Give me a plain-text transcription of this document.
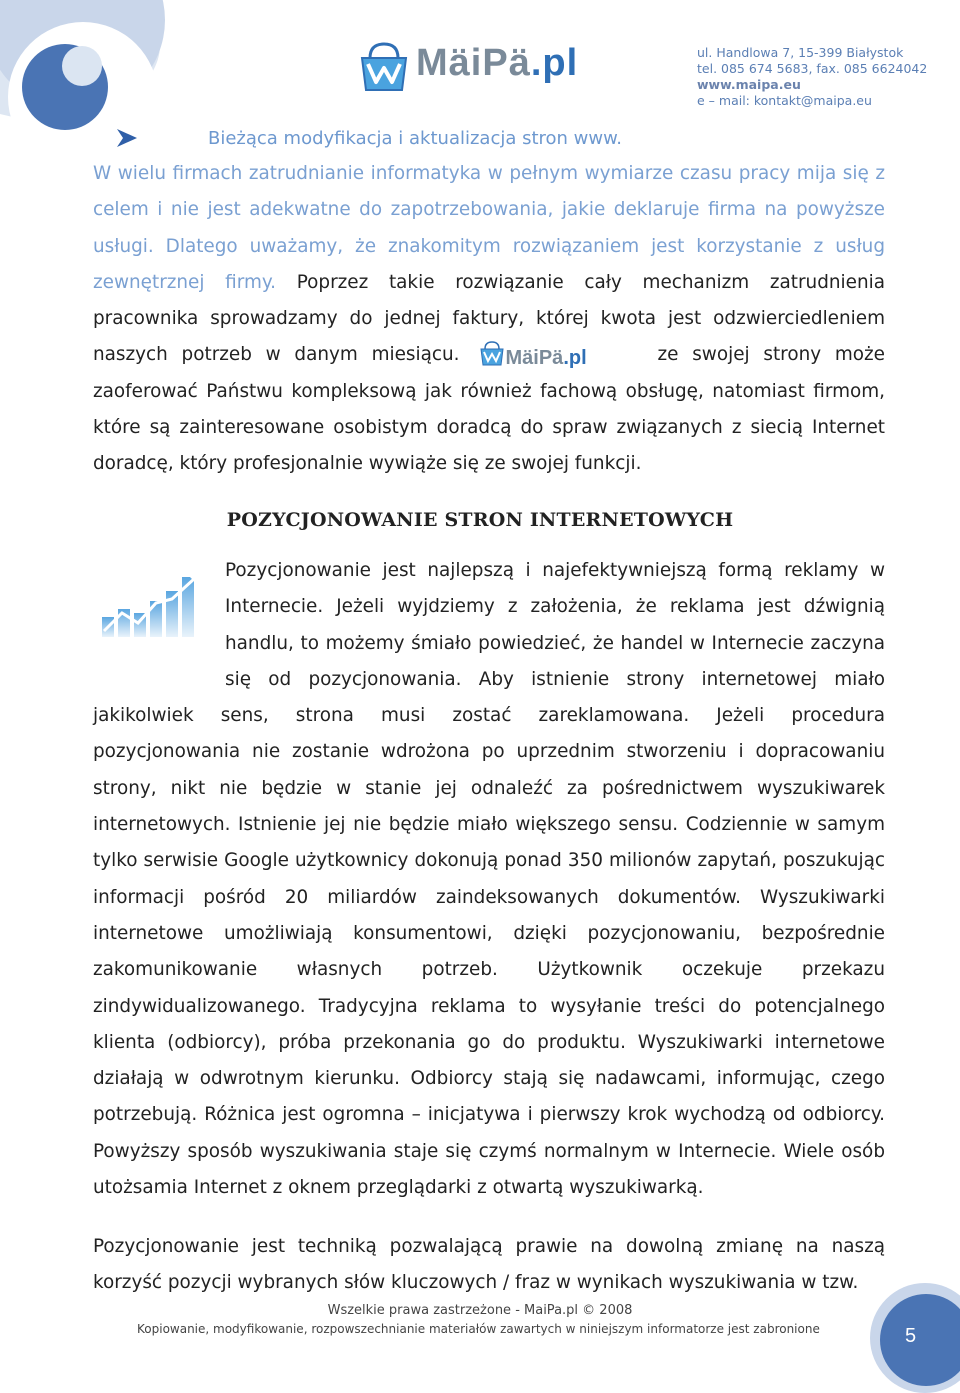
MäiPä.pl	ul. Handlowa 7, 15-399 Białystok
tel. 085 674 5683, fax. 085 6624042
www.maipa.eu
e – mail: kontakt@maipa.eu
Bieżąca modyfikacja i aktualizacja stron www.
W wielu firmach zatrudnianie informatyka w pełnym wymiarze czasu pracy mija się z celem i nie jest adekwatne do zapotrzebowania, jakie deklaruje firma na powyższe usługi. Dlatego uważamy, że znakomitym rozwiązaniem jest korzystanie z usług zewnętrznej firmy. Poprzez takie rozwiązanie cały mechanizm zatrudnienia pracownika sprowadzamy do jednej faktury, której kwota jest odzwierciedleniem naszych potrzeb w danym miesiącu. MäiPä.pl	ze swojej strony może zaoferować Państwu kompleksową jak również fachową obsługę, natomiast firmom, które są zainteresowane osobistym doradcą do spraw związanych z siecią Internet doradcę, który profesjonalnie wywiąże się ze swojej funkcji.
POZYCJONOWANIE STRON INTERNETOWYCH
Pozycjonowanie jest najlepszą i najefektywniejszą formą reklamy w Internecie. Jeżeli wyjdziemy z założenia, że reklama jest dźwignią handlu, to możemy śmiało powiedzieć, że handel w Internecie zaczyna się od pozycjonowania. Aby istnienie strony internetowej miało jakikolwiek sens, strona musi zostać zareklamowana. Jeżeli procedura pozycjonowania nie zostanie wdrożona po uprzednim stworzeniu i dopracowaniu strony, nikt nie będzie w stanie jej odnaleźć za pośrednictwem wyszukiwarek internetowych. Istnienie jej nie będzie miało większego sensu. Codziennie w samym tylko serwisie Google użytkownicy dokonują ponad 350 milionów zapytań, poszukując informacji pośród 20 miliardów zaindeksowanych dokumentów. Wyszukiwarki internetowe umożliwiają konsumentowi, dzięki pozycjonowaniu, bezpośrednie zakomunikowanie własnych potrzeb. Użytkownik oczekuje przekazu zindywidualizowanego. Tradycyjna reklama to wysyłanie treści do potencjalnego klienta (odbiorcy), próba przekonania go do produktu. Wyszukiwarki internetowe działają w odwrotnym kierunku. Odbiorcy stają się nadawcami, informując, czego potrzebują. Różnica jest ogromna – inicjatywa i pierwszy krok wychodzą od odbiorcy. Powyższy sposób wyszukiwania staje się czymś normalnym w Internecie. Wiele osób utożsamia Internet z oknem przeglądarki z otwartą wyszukiwarką.
Pozycjonowanie jest techniką pozwalającą prawie na dowolną zmianę na naszą korzyść pozycji wybranych słów kluczowych / fraz w wynikach wyszukiwania w tzw.
Wszelkie prawa zastrzeżone - MaiPa.pl © 2008
Kopiowanie, modyfikowanie, rozpowszechnianie materiałów zawartych w niniejszym informatorze jest zabronione	5
